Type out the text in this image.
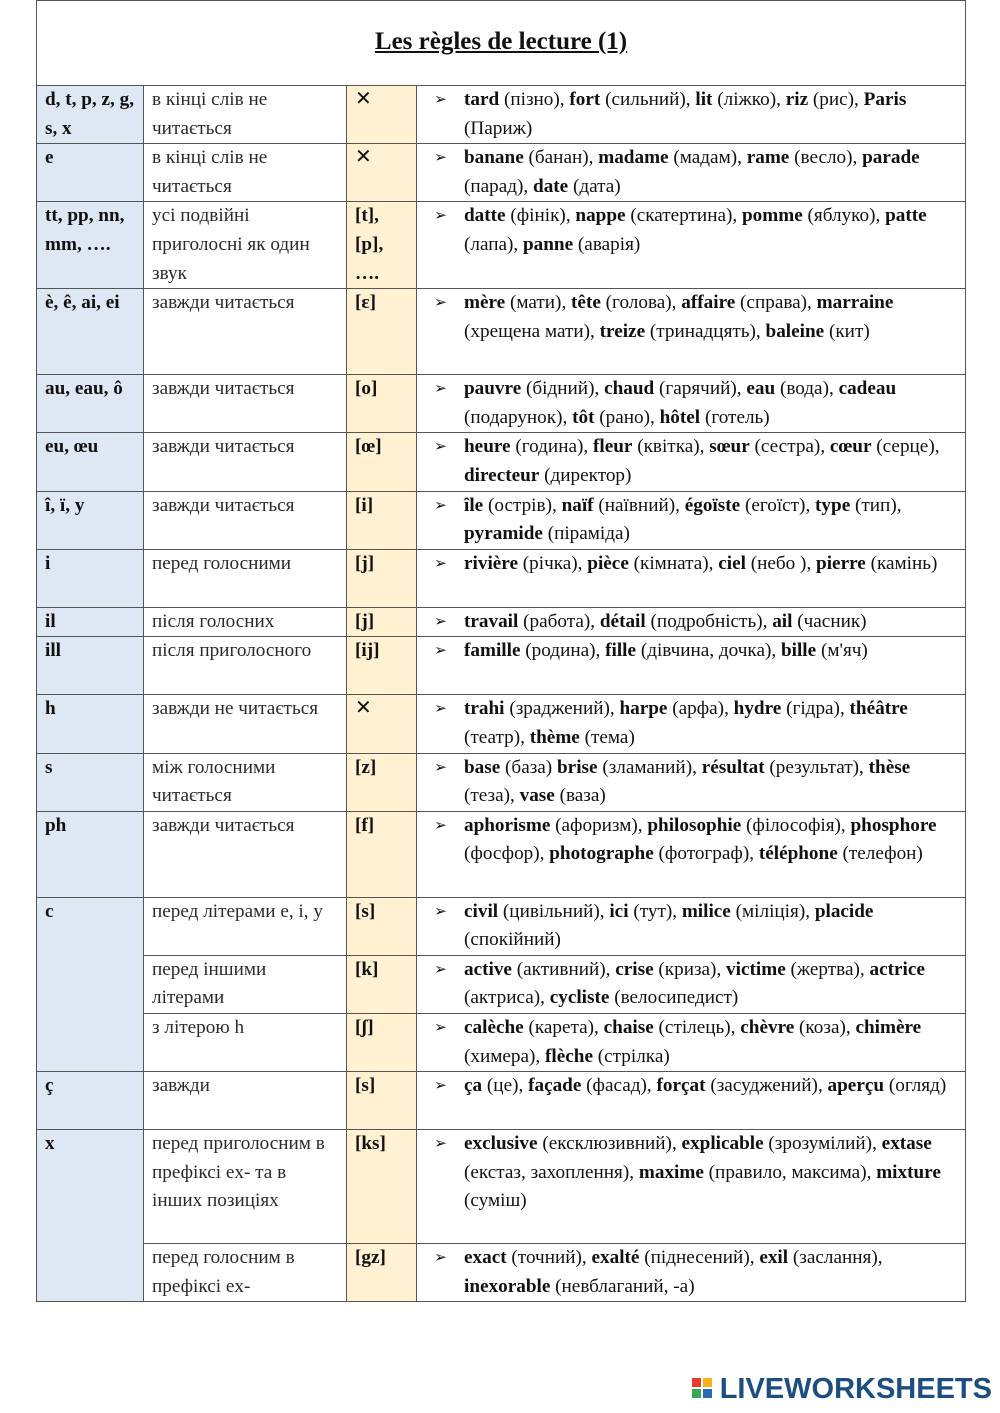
Les règles de lecture (1)			
d, t, p, z, g, s, x	в кінці слів не читається	✕	➢ tard (пізно), fort (сильний), lit (ліжко), riz (рис), Paris (Париж)

e	в кінці слів не читається	✕	➢ banane (банан), madame (мадам), rame (весло), parade (парад), date (дата)

tt, pp, nn, mm, ….	усі подвійні приголосні як один звук	[t], [p], ….	➢ datte (фінік), nappe (скатертина), pomme (яблуко), patte (лапа), panne (аварія)

è, ê, ai, ei	завжди читається	[ɛ]	➢ mère (мати), tête (голова), affaire (справа), marraine (хрещена мати), treize (тринадцять), baleine (кит)

au, eau, ô	завжди читається	[o]	➢ pauvre (бідний), chaud (гарячий), eau (вода), cadeau (подарунок), tôt (рано), hôtel (готель)

eu, œu	завжди читається	[œ]	➢ heure (година), fleur (квітка), sœur (сестра), cœur (серце), directeur (директор)

î, ï, y	завжди читається	[i]	➢ île (острів), naïf (наївний), égoïste (егоїст), type (тип), pyramide (піраміда)

i	перед голосними	[j]	➢ rivière (річка), pièce (кімната), ciel (небо ), pierre (камінь)

il	після голосних	[j]	➢ travail (работа), détail (подробність), ail (часник)

ill	після приголосного	[ij]	➢ famille (родина), fille (дівчина, дочка), bille (м'яч)

h	завжди не читається	✕	➢ trahi (зраджений), harpe (арфа), hydre (гідра), théâtre (театр), thème (тема)

s	між голосними читається	[z]	➢ base (база) brise (зламаний), résultat (результат), thèse (теза), vase (ваза)

ph	завжди читається	[f]	➢ aphorisme (афоризм), philosophie (філософія), phosphore (фосфор), photographe (фотограф), téléphone (телефон)

c	перед літерами e, i, y	[s]	➢ civil (цивільний), ici (тут), milice (міліція), placide (спокійний)

	перед іншими літерами	[k]	➢ active (активний), crise (криза), victime (жертва), actrice (актриса), cycliste (велосипедист)

	з літерою h	[ʃ]	➢ calèche (карета), chaise (стілець), chèvre (коза), chimère (химера), flèche (стрілка)

ç	завжди	[s]	➢ ça (це), façade (фасад), forçat (засуджений), aperçu (огляд)

x	перед приголосним в префіксі ex- та в інших позиціях	[ks]	➢ exclusive (ексклюзивний), explicable (зрозумілий), extase (екстаз, захоплення), maxime (правило, максима), mixture (суміш)

	перед голосним в префіксі ex-	[gz]	➢ exact (точний), exalté (піднесений), exil (заслання), inexorable (невблаганий, -а)
LIVEWORKSHEETS
